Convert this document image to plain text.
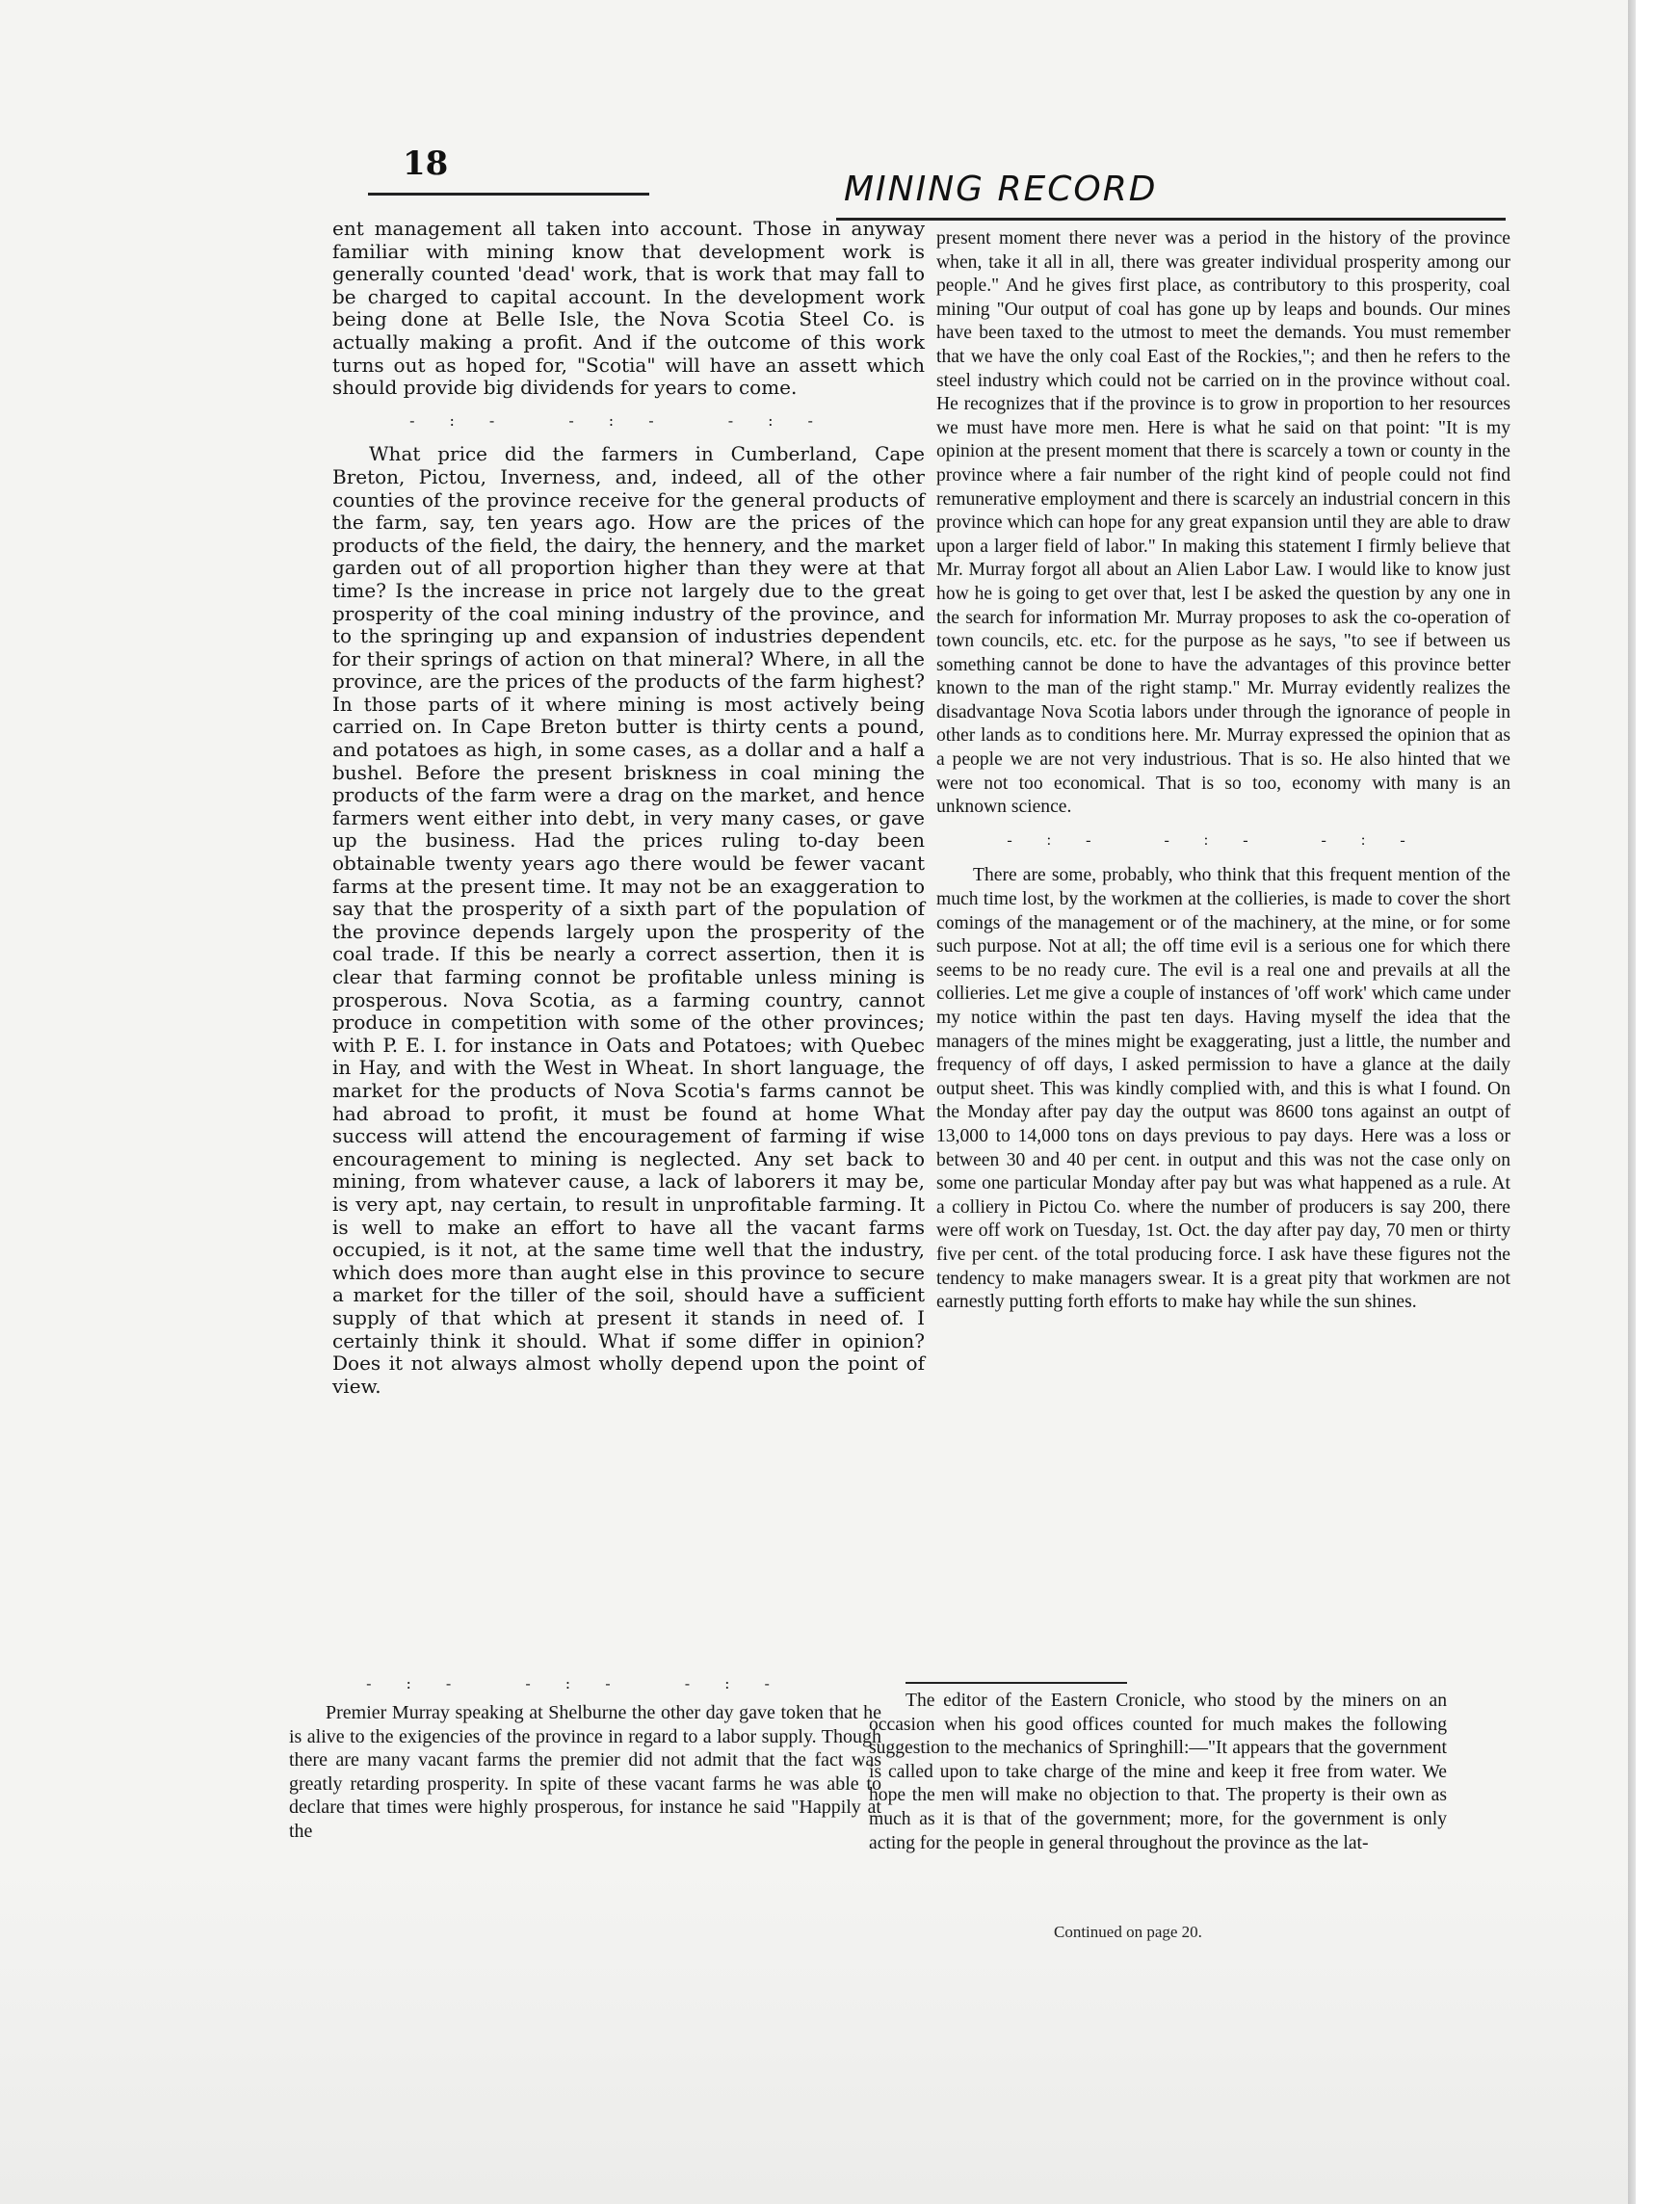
18
MINING RECORD

ent management all taken into account. Those in anyway familiar with mining know that development work is generally counted 'dead' work, that is work that may fall to be charged to capital account. In the development work being done at Belle Isle, the Nova Scotia Steel Co. is actually making a profit. And if the outcome of this work turns out as hoped for, "Scotia" will have an assett which should provide big dividends for years to come.

-:- -:- -:-

What price did the farmers in Cumberland, Cape Breton, Pictou, Inverness, and, indeed, all of the other counties of the province receive for the general products of the farm, say, ten years ago. How are the prices of the products of the field, the dairy, the hennery, and the market garden out of all proportion higher than they were at that time? Is the increase in price not largely due to the great prosperity of the coal mining industry of the province, and to the springing up and expansion of industries dependent for their springs of action on that mineral? Where, in all the province, are the prices of the products of the farm highest? In those parts of it where mining is most actively being carried on. In Cape Breton butter is thirty cents a pound, and potatoes as high, in some cases, as a dollar and a half a bushel. Before the present briskness in coal mining the products of the farm were a drag on the market, and hence farmers went either into debt, in very many cases, or gave up the business. Had the prices ruling to-day been obtainable twenty years ago there would be fewer vacant farms at the present time. It may not be an exaggeration to say that the prosperity of a sixth part of the population of the province depends largely upon the prosperity of the coal trade. If this be nearly a correct assertion, then it is clear that farming connot be profitable unless mining is prosperous. Nova Scotia, as a farming country, cannot produce in competition with some of the other provinces; with P. E. I. for instance in Oats and Potatoes; with Quebec in Hay, and with the West in Wheat. In short language, the market for the products of Nova Scotia's farms cannot be had abroad to profit, it must be found at home What success will attend the encouragement of farming if wise encouragement to mining is neglected. Any set back to mining, from whatever cause, a lack of laborers it may be, is very apt, nay certain, to result in unprofitable farming. It is well to make an effort to have all the vacant farms occupied, is it not, at the same time well that the industry, which does more than aught else in this province to secure a market for the tiller of the soil, should have a sufficient supply of that which at present it stands in need of. I certainly think it should. What if some differ in opinion? Does it not always almost wholly depend upon the point of view.

-:- -:- -:-

Premier Murray speaking at Shelburne the other day gave token that he is alive to the exigencies of the province in regard to a labor supply. Though there are many vacant farms the premier did not admit that the fact was greatly retarding prosperity. In spite of these vacant farms he was able to declare that times were highly prosperous, for instance he said "Happily at the

present moment there never was a period in the history of the province when, take it all in all, there was greater individual prosperity among our people." And he gives first place, as contributory to this prosperity, coal mining "Our output of coal has gone up by leaps and bounds. Our mines have been taxed to the utmost to meet the demands. You must remember that we have the only coal East of the Rockies,"; and then he refers to the steel industry which could not be carried on in the province without coal. He recognizes that if the province is to grow in proportion to her resources we must have more men. Here is what he said on that point: "It is my opinion at the present moment that there is scarcely a town or county in the province where a fair number of the right kind of people could not find remunerative employment and there is scarcely an industrial concern in this province which can hope for any great expansion until they are able to draw upon a larger field of labor." In making this statement I firmly believe that Mr. Murray forgot all about an Alien Labor Law. I would like to know just how he is going to get over that, lest I be asked the question by any one in the search for information Mr. Murray proposes to ask the co-operation of town councils, etc. etc. for the purpose as he says, "to see if between us something cannot be done to have the advantages of this province better known to the man of the right stamp." Mr. Murray evidently realizes the disadvantage Nova Scotia labors under through the ignorance of people in other lands as to conditions here. Mr. Murray expressed the opinion that as a people we are not very industrious. That is so. He also hinted that we were not too economical. That is so too, economy with many is an unknown science.

-:- -:- -:-

There are some, probably, who think that this frequent mention of the much time lost, by the workmen at the collieries, is made to cover the short comings of the management or of the machinery, at the mine, or for some such purpose. Not at all; the off time evil is a serious one for which there seems to be no ready cure. The evil is a real one and prevails at all the collieries. Let me give a couple of instances of 'off work' which came under my notice within the past ten days. Having myself the idea that the managers of the mines might be exaggerating, just a little, the number and frequency of off days, I asked permission to have a glance at the daily output sheet. This was kindly complied with, and this is what I found. On the Monday after pay day the output was 8600 tons against an outpt of 13,000 to 14,000 tons on days previous to pay days. Here was a loss or between 30 and 40 per cent. in output and this was not the case only on some one particular Monday after pay but was what happened as a rule. At a colliery in Pictou Co. where the number of producers is say 200, there were off work on Tuesday, 1st. Oct. the day after pay day, 70 men or thirty five per cent. of the total producing force. I ask have these figures not the tendency to make managers swear. It is a great pity that workmen are not earnestly putting forth efforts to make hay while the sun shines.

The editor of the Eastern Cronicle, who stood by the miners on an occasion when his good offices counted for much makes the following suggestion to the mechanics of Springhill:—"It appears that the government is called upon to take charge of the mine and keep it free from water. We hope the men will make no objection to that. The property is their own as much as it is that of the government; more, for the government is only acting for the people in general throughout the province as the lat-

Continued on page 20.
